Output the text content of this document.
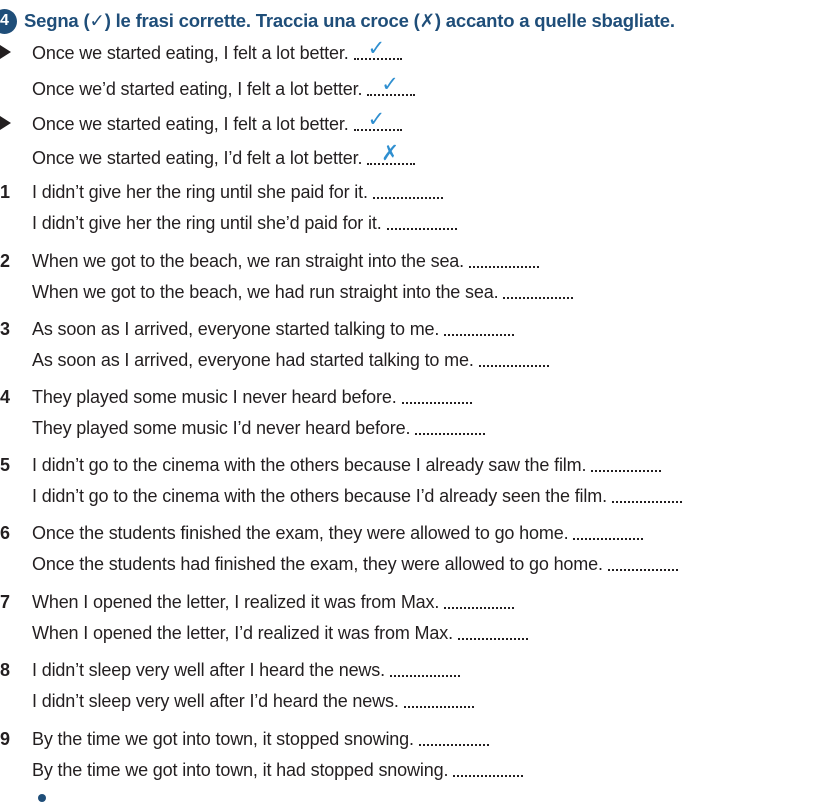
4 Segna (✓) le frasi corrette. Traccia una croce (✗) accanto a quelle sbagliate.
Once we started eating, I felt a lot better. ✓
Once we’d started eating, I felt a lot better. ✓
Once we started eating, I felt a lot better. ✓
Once we started eating, I’d felt a lot better. ✗
1	I didn’t give her the ring until she paid for it.
I didn’t give her the ring until she’d paid for it.
2	When we got to the beach, we ran straight into the sea.
When we got to the beach, we had run straight into the sea.
3	As soon as I arrived, everyone started talking to me.
As soon as I arrived, everyone had started talking to me.
4	They played some music I never heard before.
They played some music I’d never heard before.
5	I didn’t go to the cinema with the others because I already saw the film.
I didn’t go to the cinema with the others because I’d already seen the film.
6	Once the students finished the exam, they were allowed to go home.
Once the students had finished the exam, they were allowed to go home.
7	When I opened the letter, I realized it was from Max.
When I opened the letter, I’d realized it was from Max.
8	I didn’t sleep very well after I heard the news.
I didn’t sleep very well after I’d heard the news.
9	By the time we got into town, it stopped snowing.
By the time we got into town, it had stopped snowing.
